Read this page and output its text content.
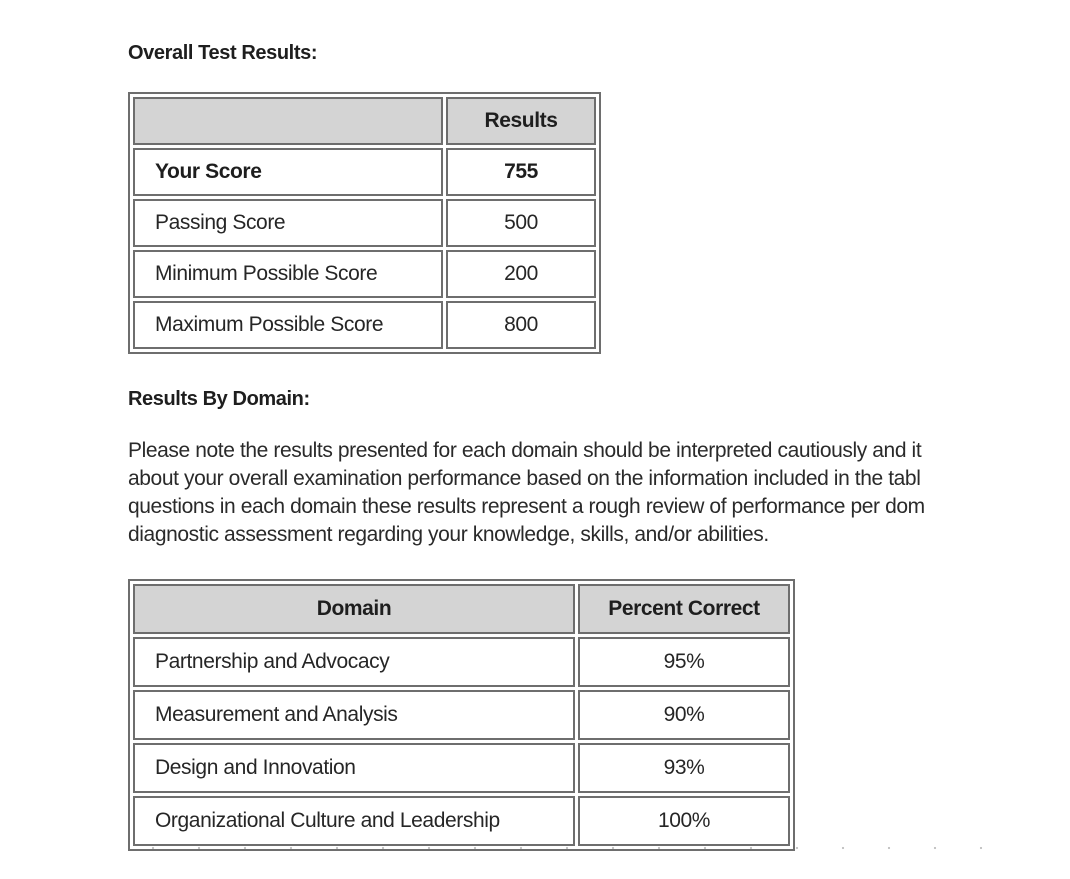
Overall Test Results:
	Results
Your Score	755
Passing Score	500
Minimum Possible Score	200
Maximum Possible Score	800
Results By Domain:

Please note the results presented for each domain should be interpreted cautiously and it
about your overall examination performance based on the information included in the tabl
questions in each domain these results represent a rough review of performance per dom
diagnostic assessment regarding your knowledge, skills, and/or abilities.

Domain	Percent Correct
Partnership and Advocacy	95%
Measurement and Analysis	90%
Design and Innovation	93%
Organizational Culture and Leadership	100%
